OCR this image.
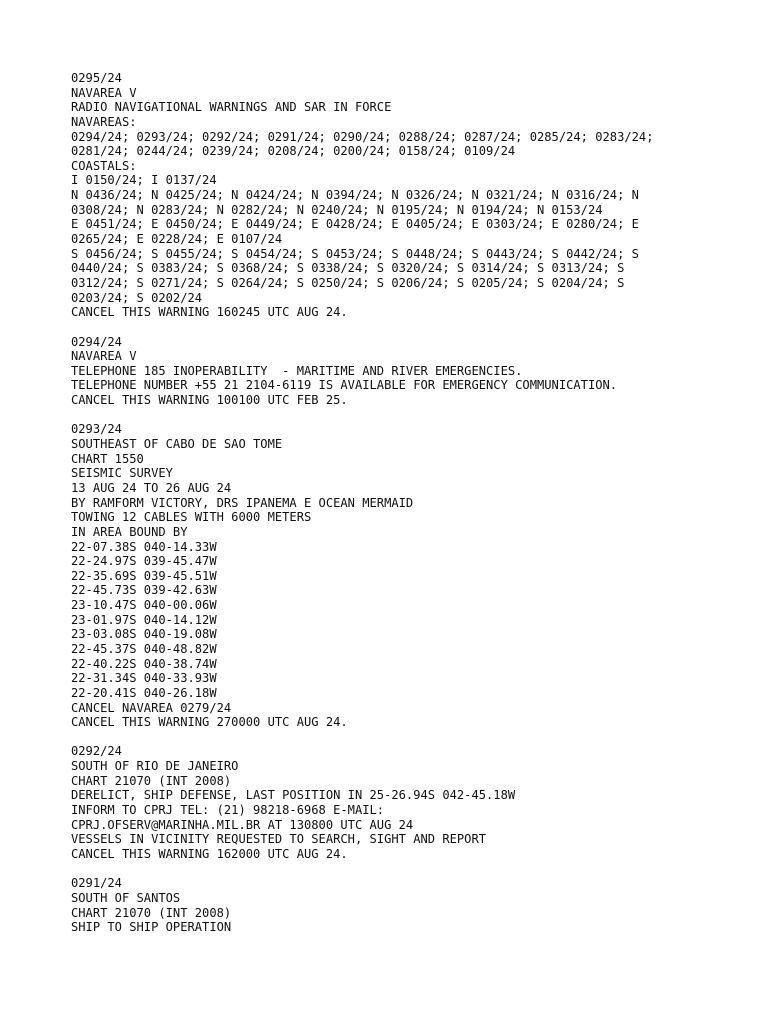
0295/24
NAVAREA V
RADIO NAVIGATIONAL WARNINGS AND SAR IN FORCE
NAVAREAS:
0294/24; 0293/24; 0292/24; 0291/24; 0290/24; 0288/24; 0287/24; 0285/24; 0283/24;
0281/24; 0244/24; 0239/24; 0208/24; 0200/24; 0158/24; 0109/24
COASTALS:
I 0150/24; I 0137/24
N 0436/24; N 0425/24; N 0424/24; N 0394/24; N 0326/24; N 0321/24; N 0316/24; N
0308/24; N 0283/24; N 0282/24; N 0240/24; N 0195/24; N 0194/24; N 0153/24
E 0451/24; E 0450/24; E 0449/24; E 0428/24; E 0405/24; E 0303/24; E 0280/24; E
0265/24; E 0228/24; E 0107/24
S 0456/24; S 0455/24; S 0454/24; S 0453/24; S 0448/24; S 0443/24; S 0442/24; S
0440/24; S 0383/24; S 0368/24; S 0338/24; S 0320/24; S 0314/24; S 0313/24; S
0312/24; S 0271/24; S 0264/24; S 0250/24; S 0206/24; S 0205/24; S 0204/24; S
0203/24; S 0202/24
CANCEL THIS WARNING 160245 UTC AUG 24.
0294/24
NAVAREA V
TELEPHONE 185 INOPERABILITY  - MARITIME AND RIVER EMERGENCIES.
TELEPHONE NUMBER +55 21 2104-6119 IS AVAILABLE FOR EMERGENCY COMMUNICATION.
CANCEL THIS WARNING 100100 UTC FEB 25.
0293/24
SOUTHEAST OF CABO DE SAO TOME
CHART 1550
SEISMIC SURVEY
13 AUG 24 TO 26 AUG 24
BY RAMFORM VICTORY, DRS IPANEMA E OCEAN MERMAID
TOWING 12 CABLES WITH 6000 METERS
IN AREA BOUND BY
22-07.38S 040-14.33W
22-24.97S 039-45.47W
22-35.69S 039-45.51W
22-45.73S 039-42.63W
23-10.47S 040-00.06W
23-01.97S 040-14.12W
23-03.08S 040-19.08W
22-45.37S 040-48.82W
22-40.22S 040-38.74W
22-31.34S 040-33.93W
22-20.41S 040-26.18W
CANCEL NAVAREA 0279/24
CANCEL THIS WARNING 270000 UTC AUG 24.
0292/24
SOUTH OF RIO DE JANEIRO
CHART 21070 (INT 2008)
DERELICT, SHIP DEFENSE, LAST POSITION IN 25-26.94S 042-45.18W
INFORM TO CPRJ TEL: (21) 98218-6968 E-MAIL:
CPRJ.OFSERV@MARINHA.MIL.BR AT 130800 UTC AUG 24
VESSELS IN VICINITY REQUESTED TO SEARCH, SIGHT AND REPORT
CANCEL THIS WARNING 162000 UTC AUG 24.
0291/24
SOUTH OF SANTOS
CHART 21070 (INT 2008)
SHIP TO SHIP OPERATION
